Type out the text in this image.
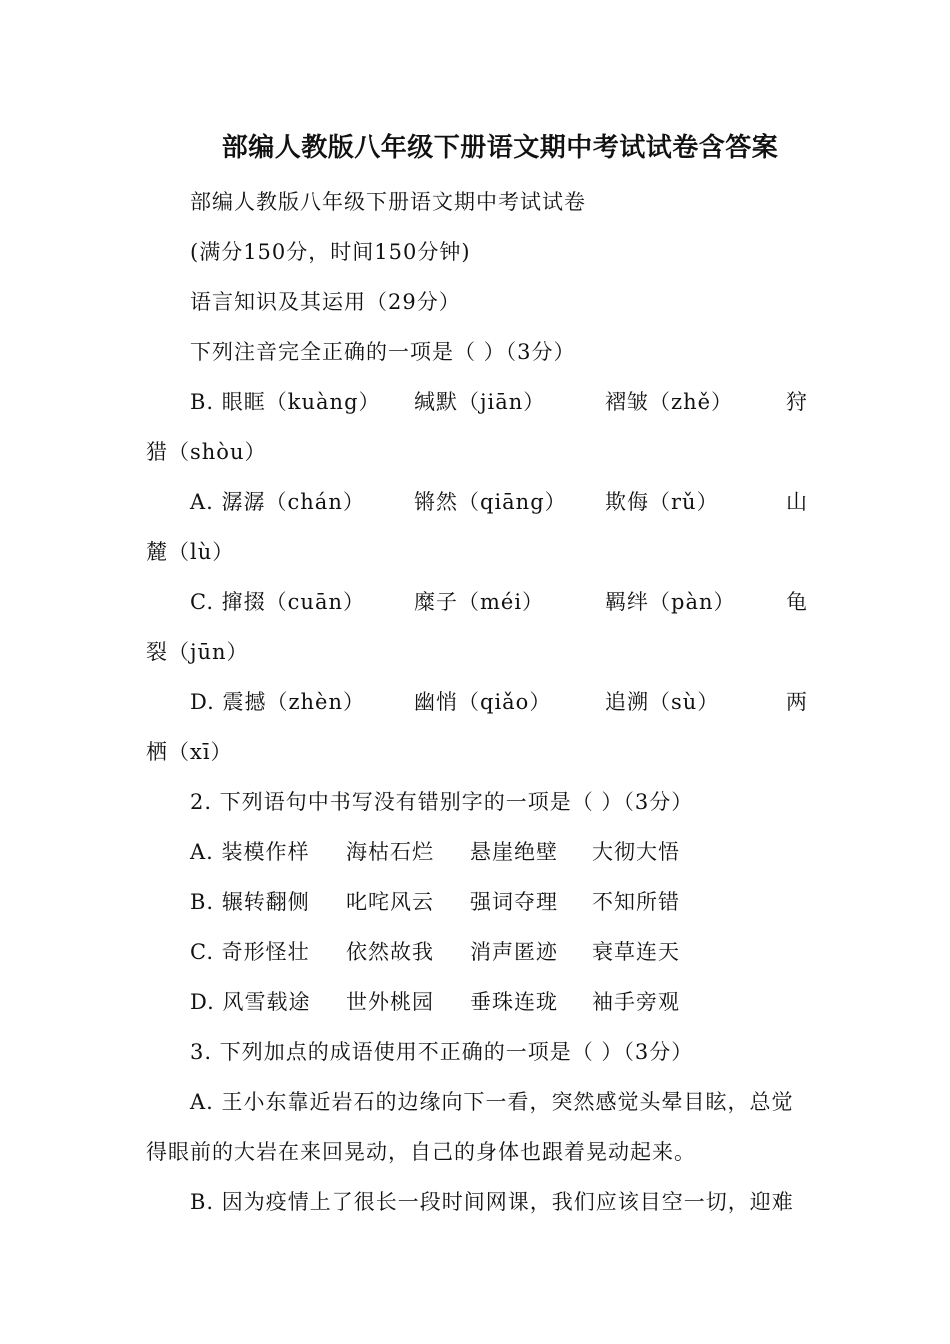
部编人教版八年级下册语文期中考试试卷含答案
部编人教版八年级下册语文期中考试试卷
(满分150分，时间150分钟)
语言知识及其运用（29分）
下列注音完全正确的一项是（ ）（3分）
B. 眼眶（kuàng） 缄默（jiān）	褶皱（zhě）	狩
猎（shòu）
A. 潺潺（chán） 锵然（qiāng） 欺侮（rǔ）	山
麓（lù）
C. 撺掇（cuān） 糜子（méi）	羁绊（pàn） 龟
裂（jūn）
D. 震撼（zhèn） 幽悄（qiǎo）	追溯（sù）	两
栖（xī）
2. 下列语句中书写没有错别字的一项是（ ）（3分）
A. 装模作样 海枯石烂 悬崖绝壁 大彻大悟
B. 辗转翻侧 叱咤风云 强词夺理 不知所错
C. 奇形怪壮 依然故我 消声匿迹 衰草连天
D. 风雪载途 世外桃园 垂珠连珑 袖手旁观
3. 下列加点的成语使用不正确的一项是（ ）（3分）
A. 王小东靠近岩石的边缘向下一看，突然感觉头晕目眩，总觉
得眼前的大岩在来回晃动，自己的身体也跟着晃动起来。
B. 因为疫情上了很长一段时间网课，我们应该目空一切，迎难
